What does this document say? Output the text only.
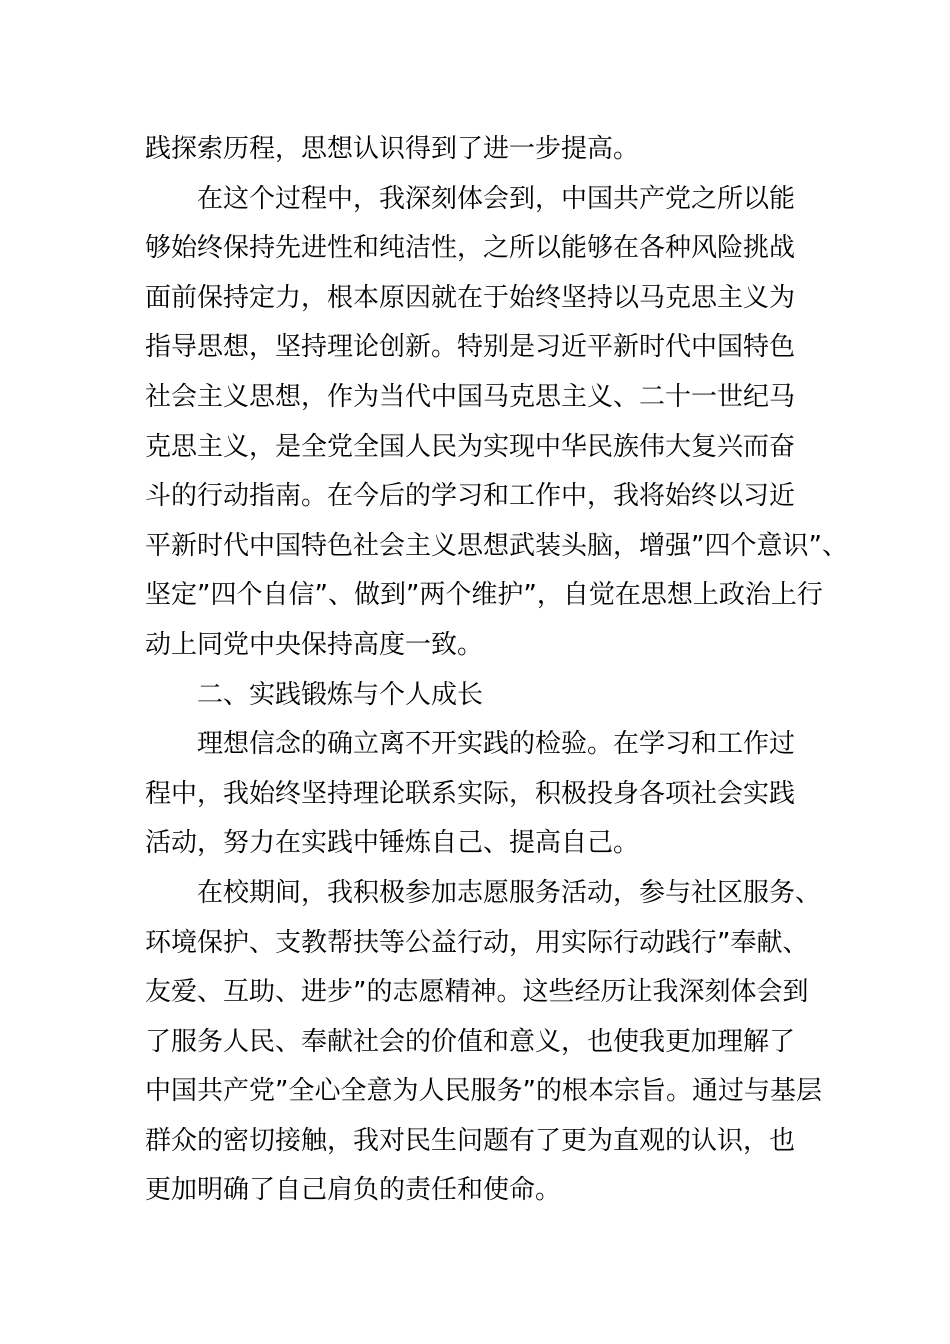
践探索历程，思想认识得到了进一步提高。
在这个过程中，我深刻体会到，中国共产党之所以能
够始终保持先进性和纯洁性，之所以能够在各种风险挑战
面前保持定力，根本原因就在于始终坚持以马克思主义为
指导思想，坚持理论创新。特别是习近平新时代中国特色
社会主义思想，作为当代中国马克思主义、二十一世纪马
克思主义，是全党全国人民为实现中华民族伟大复兴而奋
斗的行动指南。在今后的学习和工作中，我将始终以习近
平新时代中国特色社会主义思想武装头脑，增强”四个意识”、
坚定”四个自信”、做到”两个维护”，自觉在思想上政治上行
动上同党中央保持高度一致。
二、实践锻炼与个人成长
理想信念的确立离不开实践的检验。在学习和工作过
程中，我始终坚持理论联系实际，积极投身各项社会实践
活动，努力在实践中锤炼自己、提高自己。
在校期间，我积极参加志愿服务活动，参与社区服务、
环境保护、支教帮扶等公益行动，用实际行动践行”奉献、
友爱、互助、进步”的志愿精神。这些经历让我深刻体会到
了服务人民、奉献社会的价值和意义，也使我更加理解了
中国共产党”全心全意为人民服务”的根本宗旨。通过与基层
群众的密切接触，我对民生问题有了更为直观的认识，也
更加明确了自己肩负的责任和使命。
